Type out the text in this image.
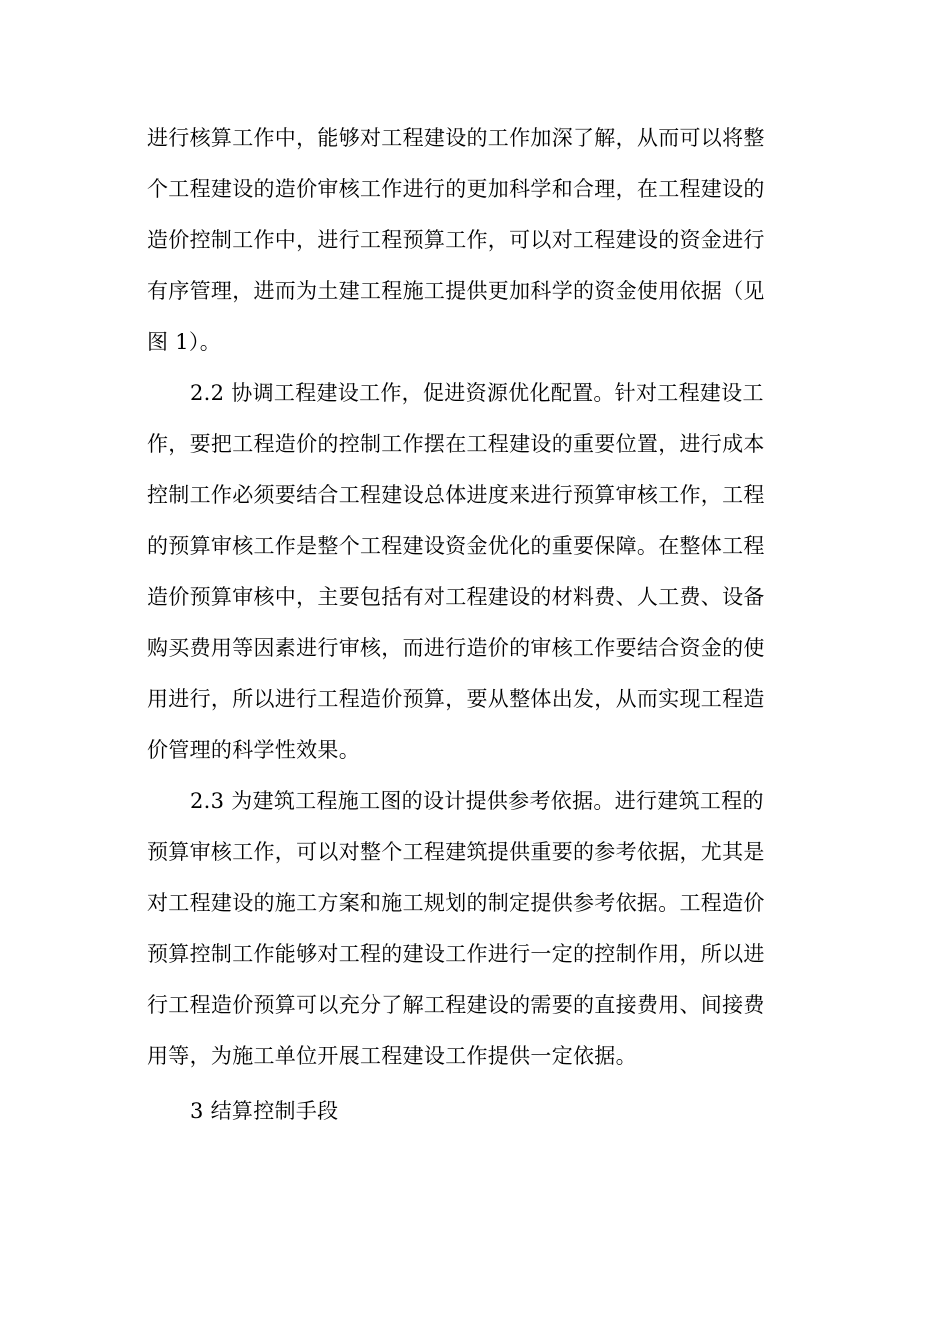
进行核算工作中，能够对工程建设的工作加深了解，从而可以将整
个工程建设的造价审核工作进行的更加科学和合理，在工程建设的
造价控制工作中，进行工程预算工作，可以对工程建设的资金进行
有序管理，进而为土建工程施工提供更加科学的资金使用依据（见
图 1）。
2.2 协调工程建设工作，促进资源优化配置。针对工程建设工
作，要把工程造价的控制工作摆在工程建设的重要位置，进行成本
控制工作必须要结合工程建设总体进度来进行预算审核工作，工程
的预算审核工作是整个工程建设资金优化的重要保障。在整体工程
造价预算审核中，主要包括有对工程建设的材料费、人工费、设备
购买费用等因素进行审核，而进行造价的审核工作要结合资金的使
用进行，所以进行工程造价预算，要从整体出发，从而实现工程造
价管理的科学性效果。
2.3 为建筑工程施工图的设计提供参考依据。进行建筑工程的
预算审核工作，可以对整个工程建筑提供重要的参考依据，尤其是
对工程建设的施工方案和施工规划的制定提供参考依据。工程造价
预算控制工作能够对工程的建设工作进行一定的控制作用，所以进
行工程造价预算可以充分了解工程建设的需要的直接费用、间接费
用等，为施工单位开展工程建设工作提供一定依据。
3 结算控制手段
